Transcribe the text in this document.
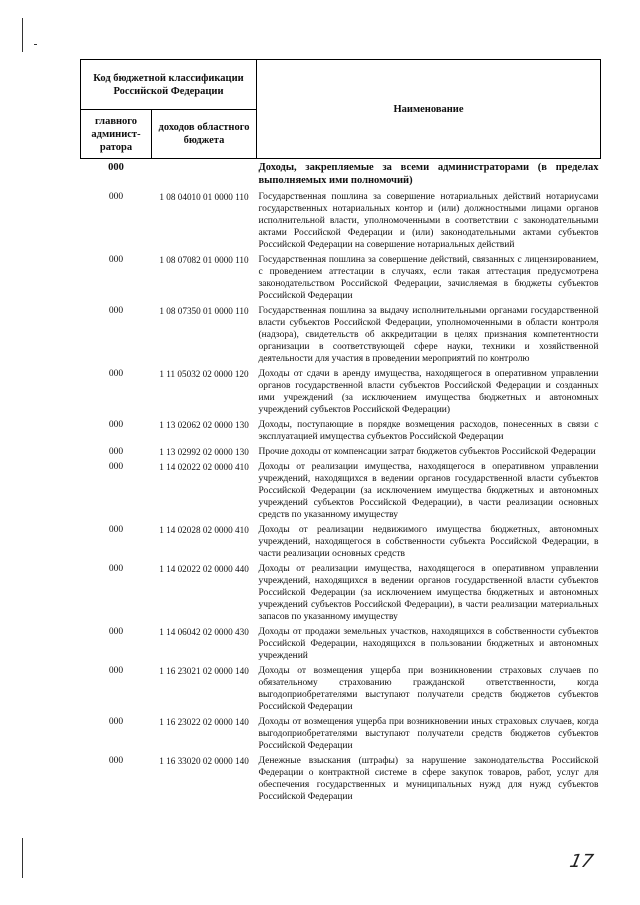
Код бюджетной классификации Российской Федерации		Наименование
главного админист-ратора	доходов областного бюджета	
000		Доходы, закрепляемые за всеми администраторами (в пределах выполняемых ими полномочий)
000	1 08 04010 01 0000 110	Государственная пошлина за совершение нотариальных действий нотариусами государственных нотариальных контор и (или) должностными лицами органов исполнительной власти, уполномоченными в соответствии с законодательными актами Российской Федерации и (или) законодательными актами субъектов Российской Федерации на совершение нотариальных действий
000	1 08 07082 01 0000 110	Государственная пошлина за совершение действий, связанных с лицензированием, с проведением аттестации в случаях, если такая аттестация предусмотрена законодательством Российской Федерации, зачисляемая в бюджеты субъектов Российской Федерации
000	1 08 07350 01 0000 110	Государственная пошлина за выдачу исполнительными органами государственной власти субъектов Российской Федерации, уполномоченными в области контроля (надзора), свидетельств об аккредитации в целях признания компетентности организации в соответствующей сфере науки, техники и хозяйственной деятельности для участия в проведении мероприятий по контролю
000	1 11 05032 02 0000 120	Доходы от сдачи в аренду имущества, находящегося в оперативном управлении органов государственной власти субъектов Российской Федерации и созданных ими учреждений (за исключением имущества бюджетных и автономных учреждений субъектов Российской Федерации)
000	1 13 02062 02 0000 130	Доходы, поступающие в порядке возмещения расходов, понесенных в связи с эксплуатацией имущества субъектов Российской Федерации
000	1 13 02992 02 0000 130	Прочие доходы от компенсации затрат бюджетов субъектов Российской Федерации
000	1 14 02022 02 0000 410	Доходы от реализации имущества, находящегося в оперативном управлении учреждений, находящихся в ведении органов государственной власти субъектов Российской Федерации (за исключением имущества бюджетных и автономных учреждений субъектов Российской Федерации), в части реализации основных средств по указанному имуществу
000	1 14 02028 02 0000 410	Доходы от реализации недвижимого имущества бюджетных, автономных учреждений, находящегося в собственности субъекта Российской Федерации, в части реализации основных средств
000	1 14 02022 02 0000 440	Доходы от реализации имущества, находящегося в оперативном управлении учреждений, находящихся в ведении органов государственной власти субъектов Российской Федерации (за исключением имущества бюджетных и автономных учреждений субъектов Российской Федерации), в части реализации материальных запасов по указанному имуществу
000	1 14 06042 02 0000 430	Доходы от продажи земельных участков, находящихся в собственности субъектов Российской Федерации, находящихся в пользовании бюджетных и автономных учреждений
000	1 16 23021 02 0000 140	Доходы от возмещения ущерба при возникновении страховых случаев по обязательному страхованию гражданской ответственности, когда выгодоприобретателями выступают получатели средств бюджетов субъектов Российской Федерации
000	1 16 23022 02 0000 140	Доходы от возмещения ущерба при возникновении иных страховых случаев, когда выгодоприобретателями выступают получатели средств бюджетов субъектов Российской Федерации
000	1 16 33020 02 0000 140	Денежные взыскания (штрафы) за нарушение законодательства Российской Федерации о контрактной системе в сфере закупок товаров, работ, услуг для обеспечения государственных и муниципальных нужд для нужд субъектов Российской Федерации
17
